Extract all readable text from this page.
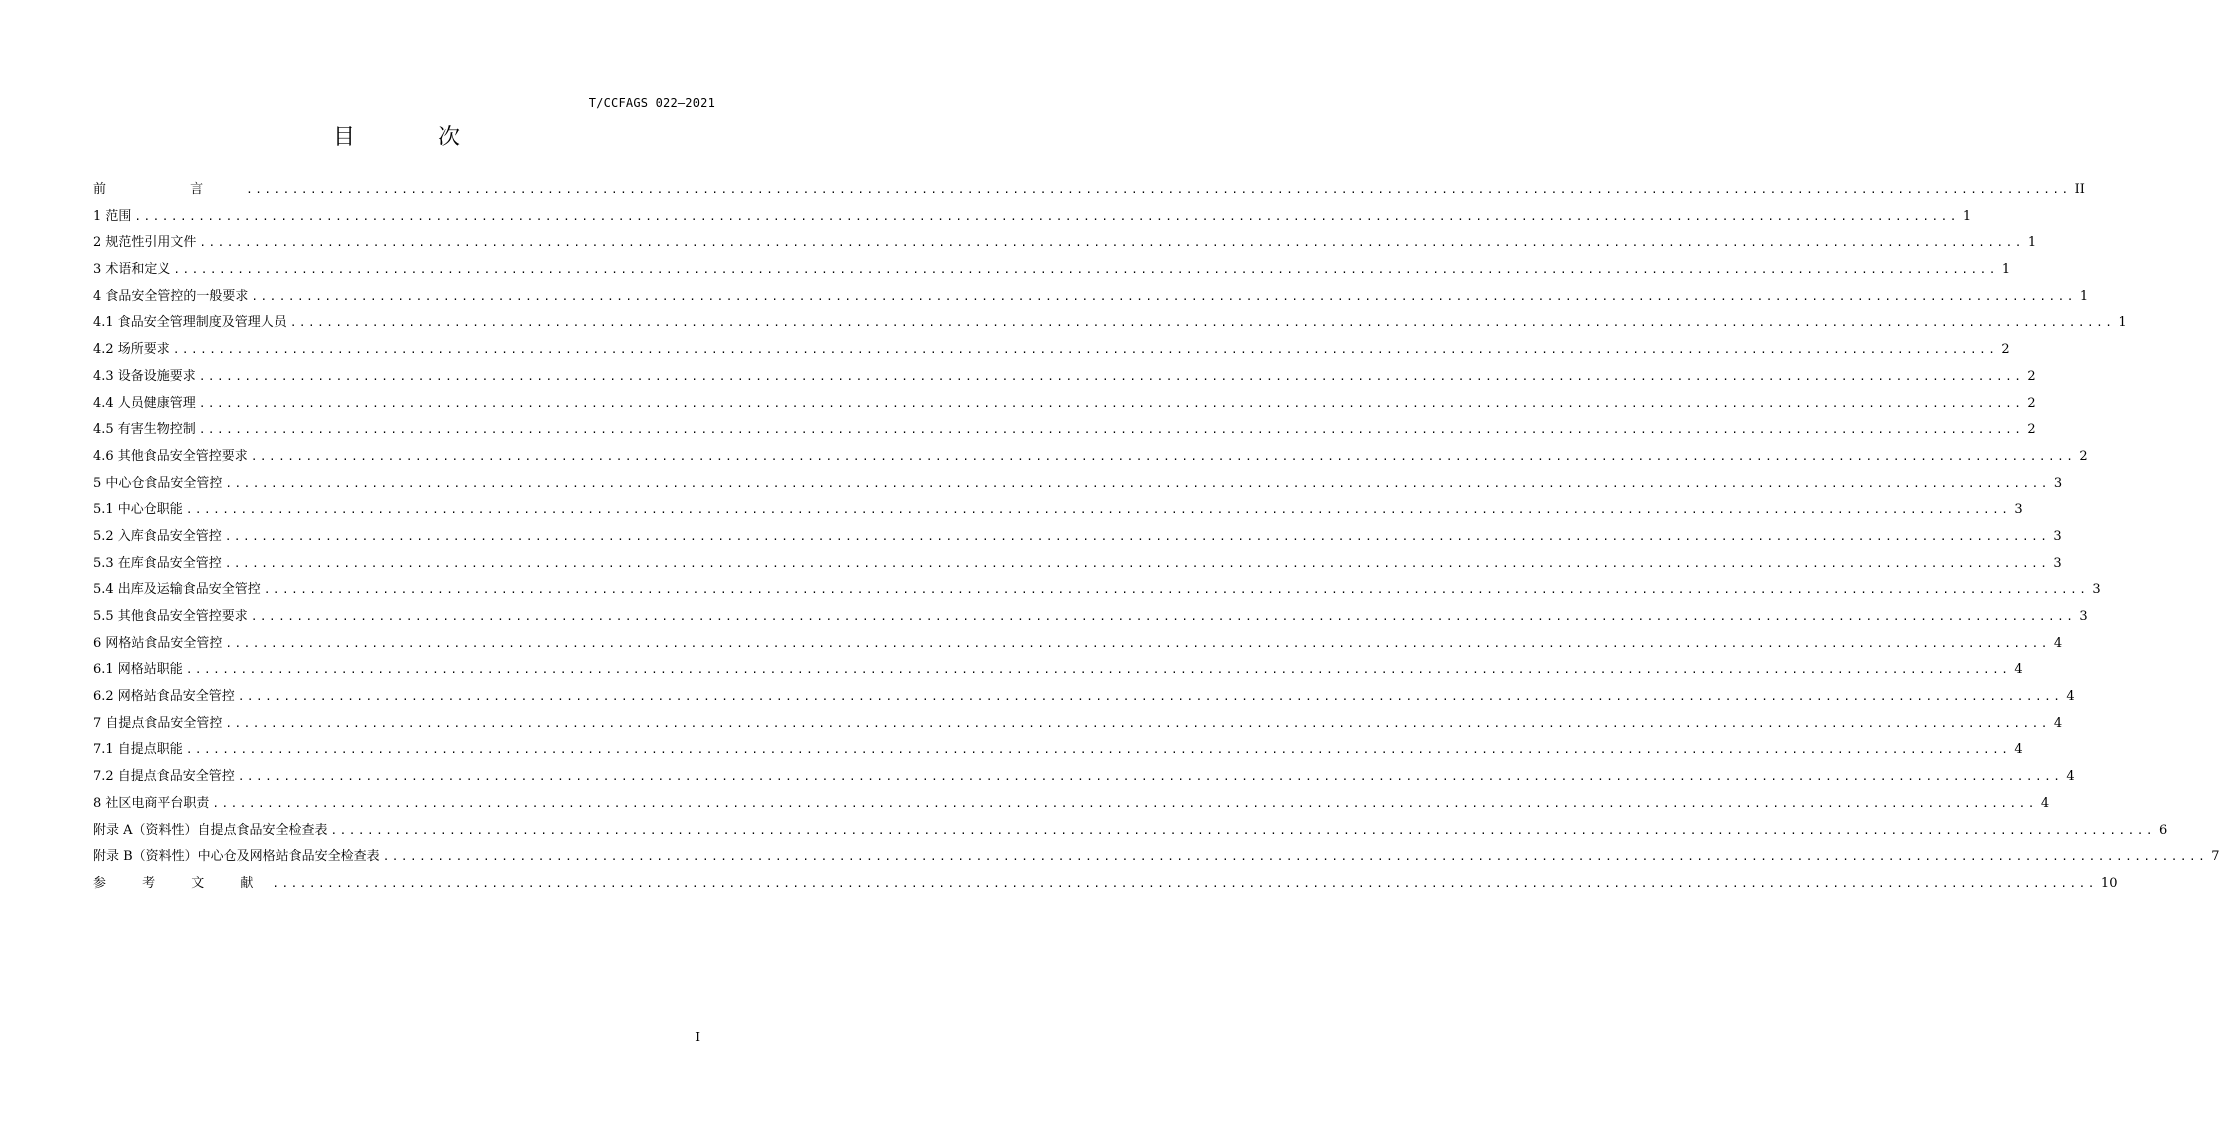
T/CCFAGS 022—2021
目 次
前 言 ........................................................................................................................................................................................................ II
1 范围 ........................................................................................................................................................................................................ 1
2 规范性引用文件 ........................................................................................................................................................................................................ 1
3 术语和定义 ........................................................................................................................................................................................................ 1
4 食品安全管控的一般要求 ........................................................................................................................................................................................................ 1
4.1 食品安全管理制度及管理人员 ........................................................................................................................................................................................................ 1
4.2 场所要求 ........................................................................................................................................................................................................ 2
4.3 设备设施要求 ........................................................................................................................................................................................................ 2
4.4 人员健康管理 ........................................................................................................................................................................................................ 2
4.5 有害生物控制 ........................................................................................................................................................................................................ 2
4.6 其他食品安全管控要求 ........................................................................................................................................................................................................ 2
5 中心仓食品安全管控 ........................................................................................................................................................................................................ 3
5.1 中心仓职能 ........................................................................................................................................................................................................ 3
5.2 入库食品安全管控 ........................................................................................................................................................................................................ 3
5.3 在库食品安全管控 ........................................................................................................................................................................................................ 3
5.4 出库及运输食品安全管控 ........................................................................................................................................................................................................ 3
5.5 其他食品安全管控要求 ........................................................................................................................................................................................................ 3
6 网格站食品安全管控 ........................................................................................................................................................................................................ 4
6.1 网格站职能 ........................................................................................................................................................................................................ 4
6.2 网格站食品安全管控 ........................................................................................................................................................................................................ 4
7 自提点食品安全管控 ........................................................................................................................................................................................................ 4
7.1 自提点职能 ........................................................................................................................................................................................................ 4
7.2 自提点食品安全管控 ........................................................................................................................................................................................................ 4
8 社区电商平台职责 ........................................................................................................................................................................................................ 4
附录 A（资料性）自提点食品安全检查表 ........................................................................................................................................................................................................ 6
附录 B（资料性）中心仓及网格站食品安全检查表 ........................................................................................................................................................................................................ 7
参 考 文 献 ........................................................................................................................................................................................................ 10
I
